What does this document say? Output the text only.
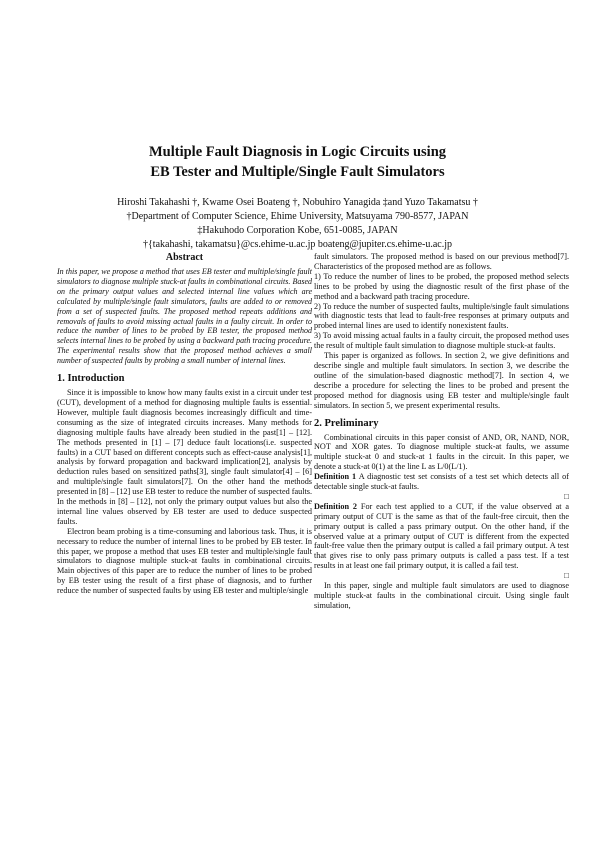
Multiple Fault Diagnosis in Logic Circuits using
EB Tester and Multiple/Single Fault Simulators
Hiroshi Takahashi †, Kwame Osei Boateng †, Nobuhiro Yanagida ‡and Yuzo Takamatsu †
†Department of Computer Science, Ehime University, Matsuyama 790-8577, JAPAN
‡Hakuhodo Corporation Kobe, 651-0085, JAPAN
†{takahashi, takamatsu}@cs.ehime-u.ac.jp boateng@jupiter.cs.ehime-u.ac.jp
Abstract

In this paper, we propose a method that uses EB tester and multiple/single fault simulators to diagnose multiple stuck-at faults in combinational circuits. Based on the primary output values and selected internal line values which are calculated by multiple/single fault simulators, faults are added to or removed from a set of suspected faults. The proposed method repeats additions and removals of faults to avoid missing actual faults in a faulty circuit. In order to reduce the number of lines to be probed by EB tester, the proposed method selects internal lines to be probed by using a backward path tracing procedure. The experimental results show that the proposed method achieves a small number of suspected faults by probing a small number of internal lines.

1. Introduction

Since it is impossible to know how many faults exist in a circuit under test (CUT), development of a method for diagnosing multiple faults is essential. However, multiple fault diagnosis becomes increasingly difficult and time-consuming as the size of integrated circuits increases. Many methods for diagnosing multiple faults have already been studied in the past[1] – [12]. The methods presented in [1] – [7] deduce fault locations(i.e. suspected faults) in a CUT based on different concepts such as effect-cause analysis[1], analysis by forward propagation and backward implication[2], analysis by deduction rules based on sensitized paths[3], single fault simulator[4] – [6] and multiple/single fault simulators[7]. On the other hand the methods presented in [8] – [12] use EB tester to reduce the number of suspected faults. In the methods in [8] – [12], not only the primary output values but also the internal line values observed by EB tester are used to deduce suspected faults.

Electron beam probing is a time-consuming and laborious task. Thus, it is necessary to reduce the number of internal lines to be probed by EB tester. In this paper, we propose a method that uses EB tester and multiple/single fault simulators to diagnose multiple stuck-at faults in combinational circuits. Main objectives of this paper are to reduce the number of lines to be probed by EB tester using the result of a first phase of diagnosis, and to further reduce the number of suspected faults by using EB tester and multiple/single

fault simulators. The proposed method is based on our previous method[7]. Characteristics of the proposed method are as follows.

1) To reduce the number of lines to be probed, the proposed method selects lines to be probed by using the diagnostic result of the first phase of the method and a backward path tracing procedure.

2) To reduce the number of suspected faults, multiple/single fault simulations with diagnostic tests that lead to fault-free responses at primary outputs and probed internal lines are used to identify nonexistent faults.

3) To avoid missing actual faults in a faulty circuit, the proposed method uses the result of multiple fault simulation to diagnose multiple stuck-at faults.

This paper is organized as follows. In section 2, we give definitions and describe single and multiple fault simulators. In section 3, we describe the outline of the simulation-based diagnostic method[7]. In section 4, we describe a procedure for selecting the lines to be probed and present the proposed method for diagnosis using EB tester and multiple/single fault simulators. In section 5, we present experimental results.

2. Preliminary

Combinational circuits in this paper consist of AND, OR, NAND, NOR, NOT and XOR gates. To diagnose multiple stuck-at faults, we assume multiple stuck-at 0 and stuck-at 1 faults in the circuit. In this paper, we denote a stuck-at 0(1) at the line L as L/0(L/1).

Definition 1 A diagnostic test set consists of a test set which detects all of detectable single stuck-at faults.

□

Definition 2 For each test applied to a CUT, if the value observed at a primary output of CUT is the same as that of the fault-free circuit, then the primary output is called a pass primary output. On the other hand, if the observed value at a primary output of CUT is different from the expected fault-free value then the primary output is called a fail primary output. A test that gives rise to only pass primary outputs is called a pass test. If a test results in at least one fail primary output, it is called a fail test.

□

In this paper, single and multiple fault simulators are used to diagnose multiple stuck-at faults in the combinational circuit. Using single fault simulation,
